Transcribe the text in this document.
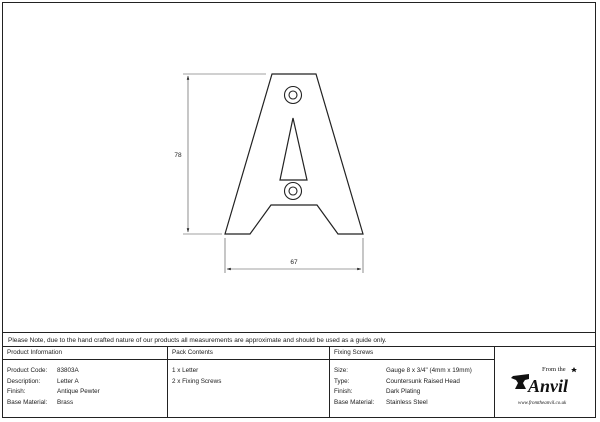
78
67
Please Note, due to the hand crafted nature of our products all measurements are approximate and should be used as a guide only.
Product Information
Product Code: 83803A
Description:	Letter A
Finish:	Antique Pewter
Base Material: Brass
Pack Contents
1 x Letter
2 x Fixing Screws
Fixing Screws
Size:	Gauge 8 x 3/4" (4mm x 19mm)
Type:	Countersunk Raised Head
Finish:	Dark Plating
Base Material: Stainless Steel
From the
Anvil
www.fromtheanvil.co.uk
